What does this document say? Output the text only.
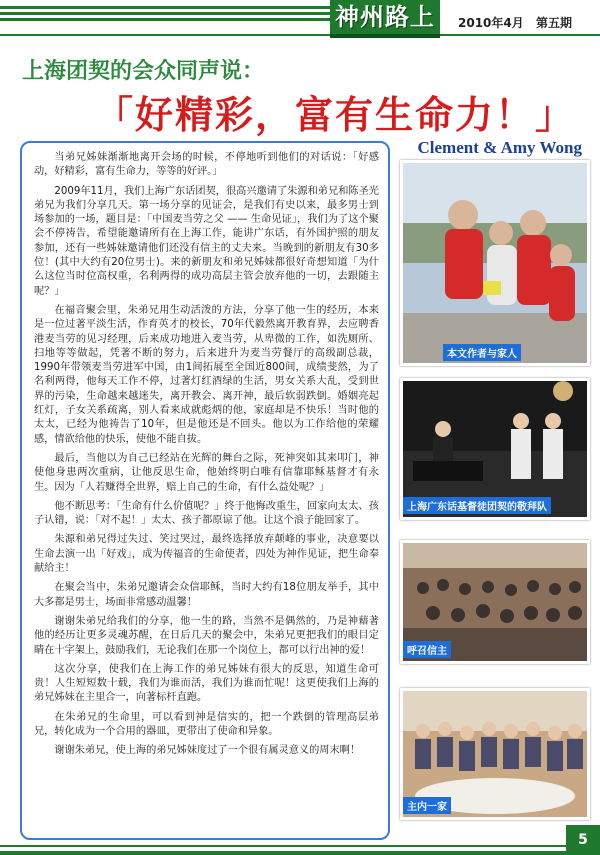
神州路上	2010年4月 第五期
上海团契的会众同声说：
「好精彩，富有生命力！」
Clement & Amy Wong

当弟兄姊妹渐渐地离开会场的时候，不停地听到他们的对话说：「好感动，好精彩，富有生命力，等等的好评。」

2009年11月，我们上海广东话团契，很高兴邀请了朱源和弟兄和陈圣光弟兄为我们分享几天。第一场分享的见证会，是我们有史以来，最多男士到场参加的一场，题目是：「中国麦当劳之父 —— 生命见证」，我们为了这个聚会不停祷告，希望能邀请所有在上海工作，能讲广东话，有外国护照的朋友参加，还有一些姊妹邀请他们还没有信主的丈夫来。当晚到的新朋友有30多位！(其中大约有20位男士)。来的新朋友和弟兄姊妹都很好奇想知道「为什么这位当时位高权重，名利两得的成功高层主管会放弃他的一切，去跟随主呢？」

在福音聚会里，朱弟兄用生动活泼的方法，分享了他一生的经历，本来是一位过著平淡生活，作育英才的校长，70年代毅然离开教育界，去应聘香港麦当劳的见习经理，后来成功地进入麦当劳，从卑微的工作，如洗厕所、扫地等等做起，凭著不断的努力，后来进升为麦当劳餐厅的高级副总裁，1990年带领麦当劳进军中国，由1间拓展至全国近800间，成绩斐然，为了名利两得，他每天工作不停，过著灯红酒绿的生活，男女关系大乱，受到世界的污染，生命越来越迷失，离开教会、离开神，最后软弱跌倒。婚姻亮起红灯，子女关系疏离，别人看来成就彪炳的他，家庭却是不快乐！当时他的太太，已经为他祷告了10年，但是他还是不回头。他以为工作给他的荣耀感，情欲给他的快乐，使他不能自拔。

最后，当他以为自己已经站在光辉的舞台之际，死神突如其来叩门，神使他身患两次重病，让他反思生命，他始终明白唯有信靠耶稣基督才有永生。因为「人若赚得全世界，赔上自己的生命，有什么益处呢？」

他不断思考：「生命有什么价值呢？」终于他悔改重生，回家向太太、孩子认错，说：「对不起！」太太、孩子都原谅了他。让这个浪子能回家了。

朱源和弟兄得过失过、笑过哭过，最终选择放弃颠峰的事业，决意要以生命去演一出「好戏」，成为传福音的生命使者，四处为神作见证，把生命奉献给主！

在聚会当中，朱弟兄邀请会众信耶稣，当时大约有18位朋友举手，其中大多都是男士，场面非常感动温馨！

谢谢朱弟兄给我们的分享，他一生的路，当然不是偶然的，乃是神藉著他的经历让更多灵魂苏醒，在日后几天的聚会中，朱弟兄更把我们的眼目定睛在十字架上，鼓励我们，无论我们在那一个岗位上，都可以行出神的爱！

这次分享，使我们在上海工作的弟兄姊妹有很大的反思，知道生命可贵！人生短短数十载，我们为谁而活，我们为谁而忙呢！这更使我们上海的弟兄姊妹在主里合一，向著标杆直跑。

在朱弟兄的生命里，可以看到神是信实的，把一个跌倒的管理高层弟兄，转化成为一个合用的器皿，更带出了使命和异象。

谢谢朱弟兄，使上海的弟兄姊妹度过了一个很有属灵意义的周末啊！

本文作者与家人
上海广东话基督徒团契的敬拜队
呼召信主
主内一家
5
